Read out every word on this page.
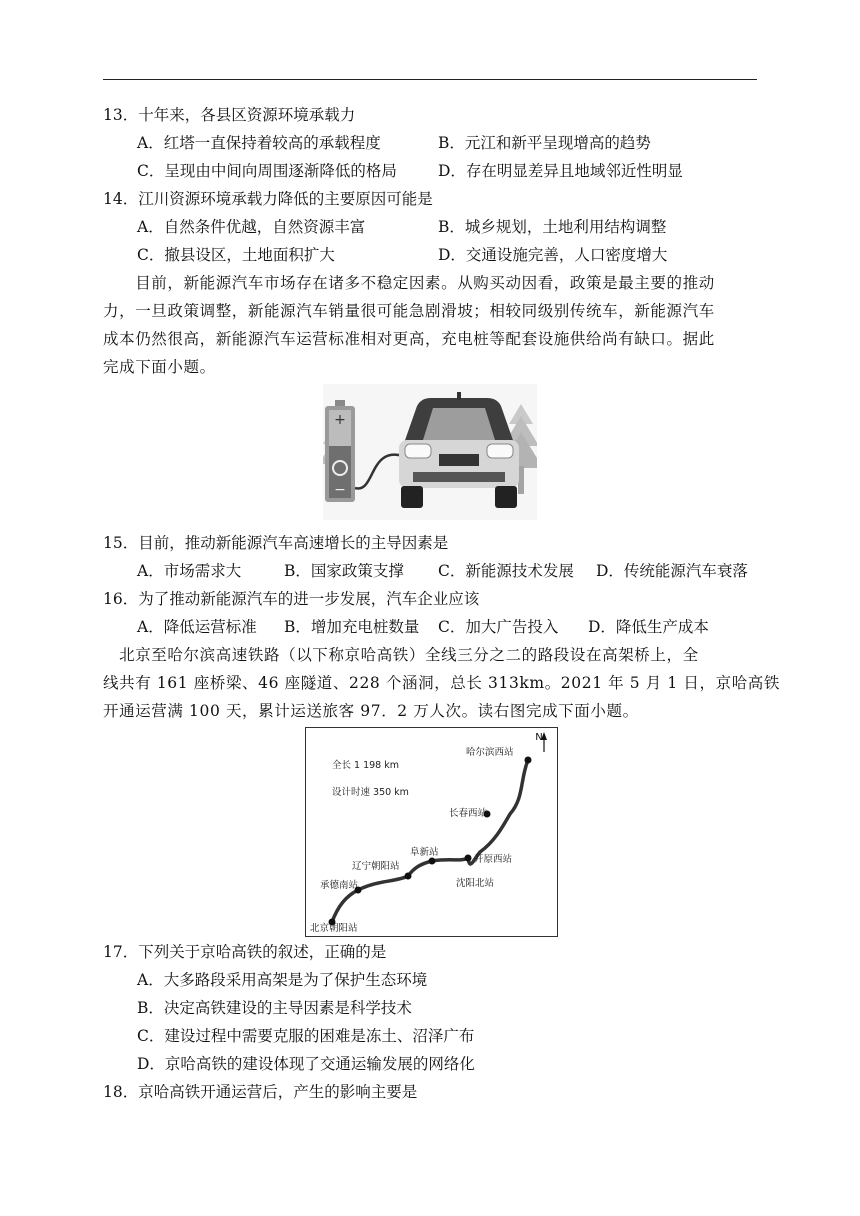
13．十年来，各县区资源环境承载力
A．红塔一直保持着较高的承载程度	B．元江和新平呈现增高的趋势
C．呈现由中间向周围逐渐降低的格局	D．存在明显差异且地域邻近性明显
14．江川资源环境承载力降低的主要原因可能是
A．自然条件优越，自然资源丰富	B．城乡规划，土地利用结构调整
C．撤县设区，土地面积扩大	D．交通设施完善，人口密度增大
　　目前，新能源汽车市场存在诸多不稳定因素。从购买动因看，政策是最主要的推动
力，一旦政策调整，新能源汽车销量很可能急剧滑坡；相较同级别传统车，新能源汽车
成本仍然很高，新能源汽车运营标准相对更高，充电桩等配套设施供给尚有缺口。据此
完成下面小题。
+
−
15．目前，推动新能源汽车高速增长的主导因素是
A．市场需求大	B．国家政策支撑 C．新能源技术发展 D．传统能源汽车衰落
16．为了推动新能源汽车的进一步发展，汽车企业应该
A．降低运营标准 B．增加充电桩数量 C．加大广告投入 D．降低生产成本
　北京至哈尔滨高速铁路（以下称京哈高铁）全线三分之二的路段设在高架桥上，全
线共有 161 座桥梁、46 座隧道、228 个涵洞，总长 313km。2021 年 5 月 1 日，京哈高铁
开通运营满 100 天，累计运送旅客 97．2 万人次。读右图完成下面小题。
N
全长 1 198 km
设计时速 350 km
哈尔滨西站
长春西站
开原西站
沈阳北站
阜新站
辽宁朝阳站
承德南站
北京朝阳站
17．下列关于京哈高铁的叙述，正确的是
A．大多路段采用高架是为了保护生态环境
B．决定高铁建设的主导因素是科学技术
C．建设过程中需要克服的困难是冻土、沼泽广布
D．京哈高铁的建设体现了交通运输发展的网络化
18．京哈高铁开通运营后，产生的影响主要是
